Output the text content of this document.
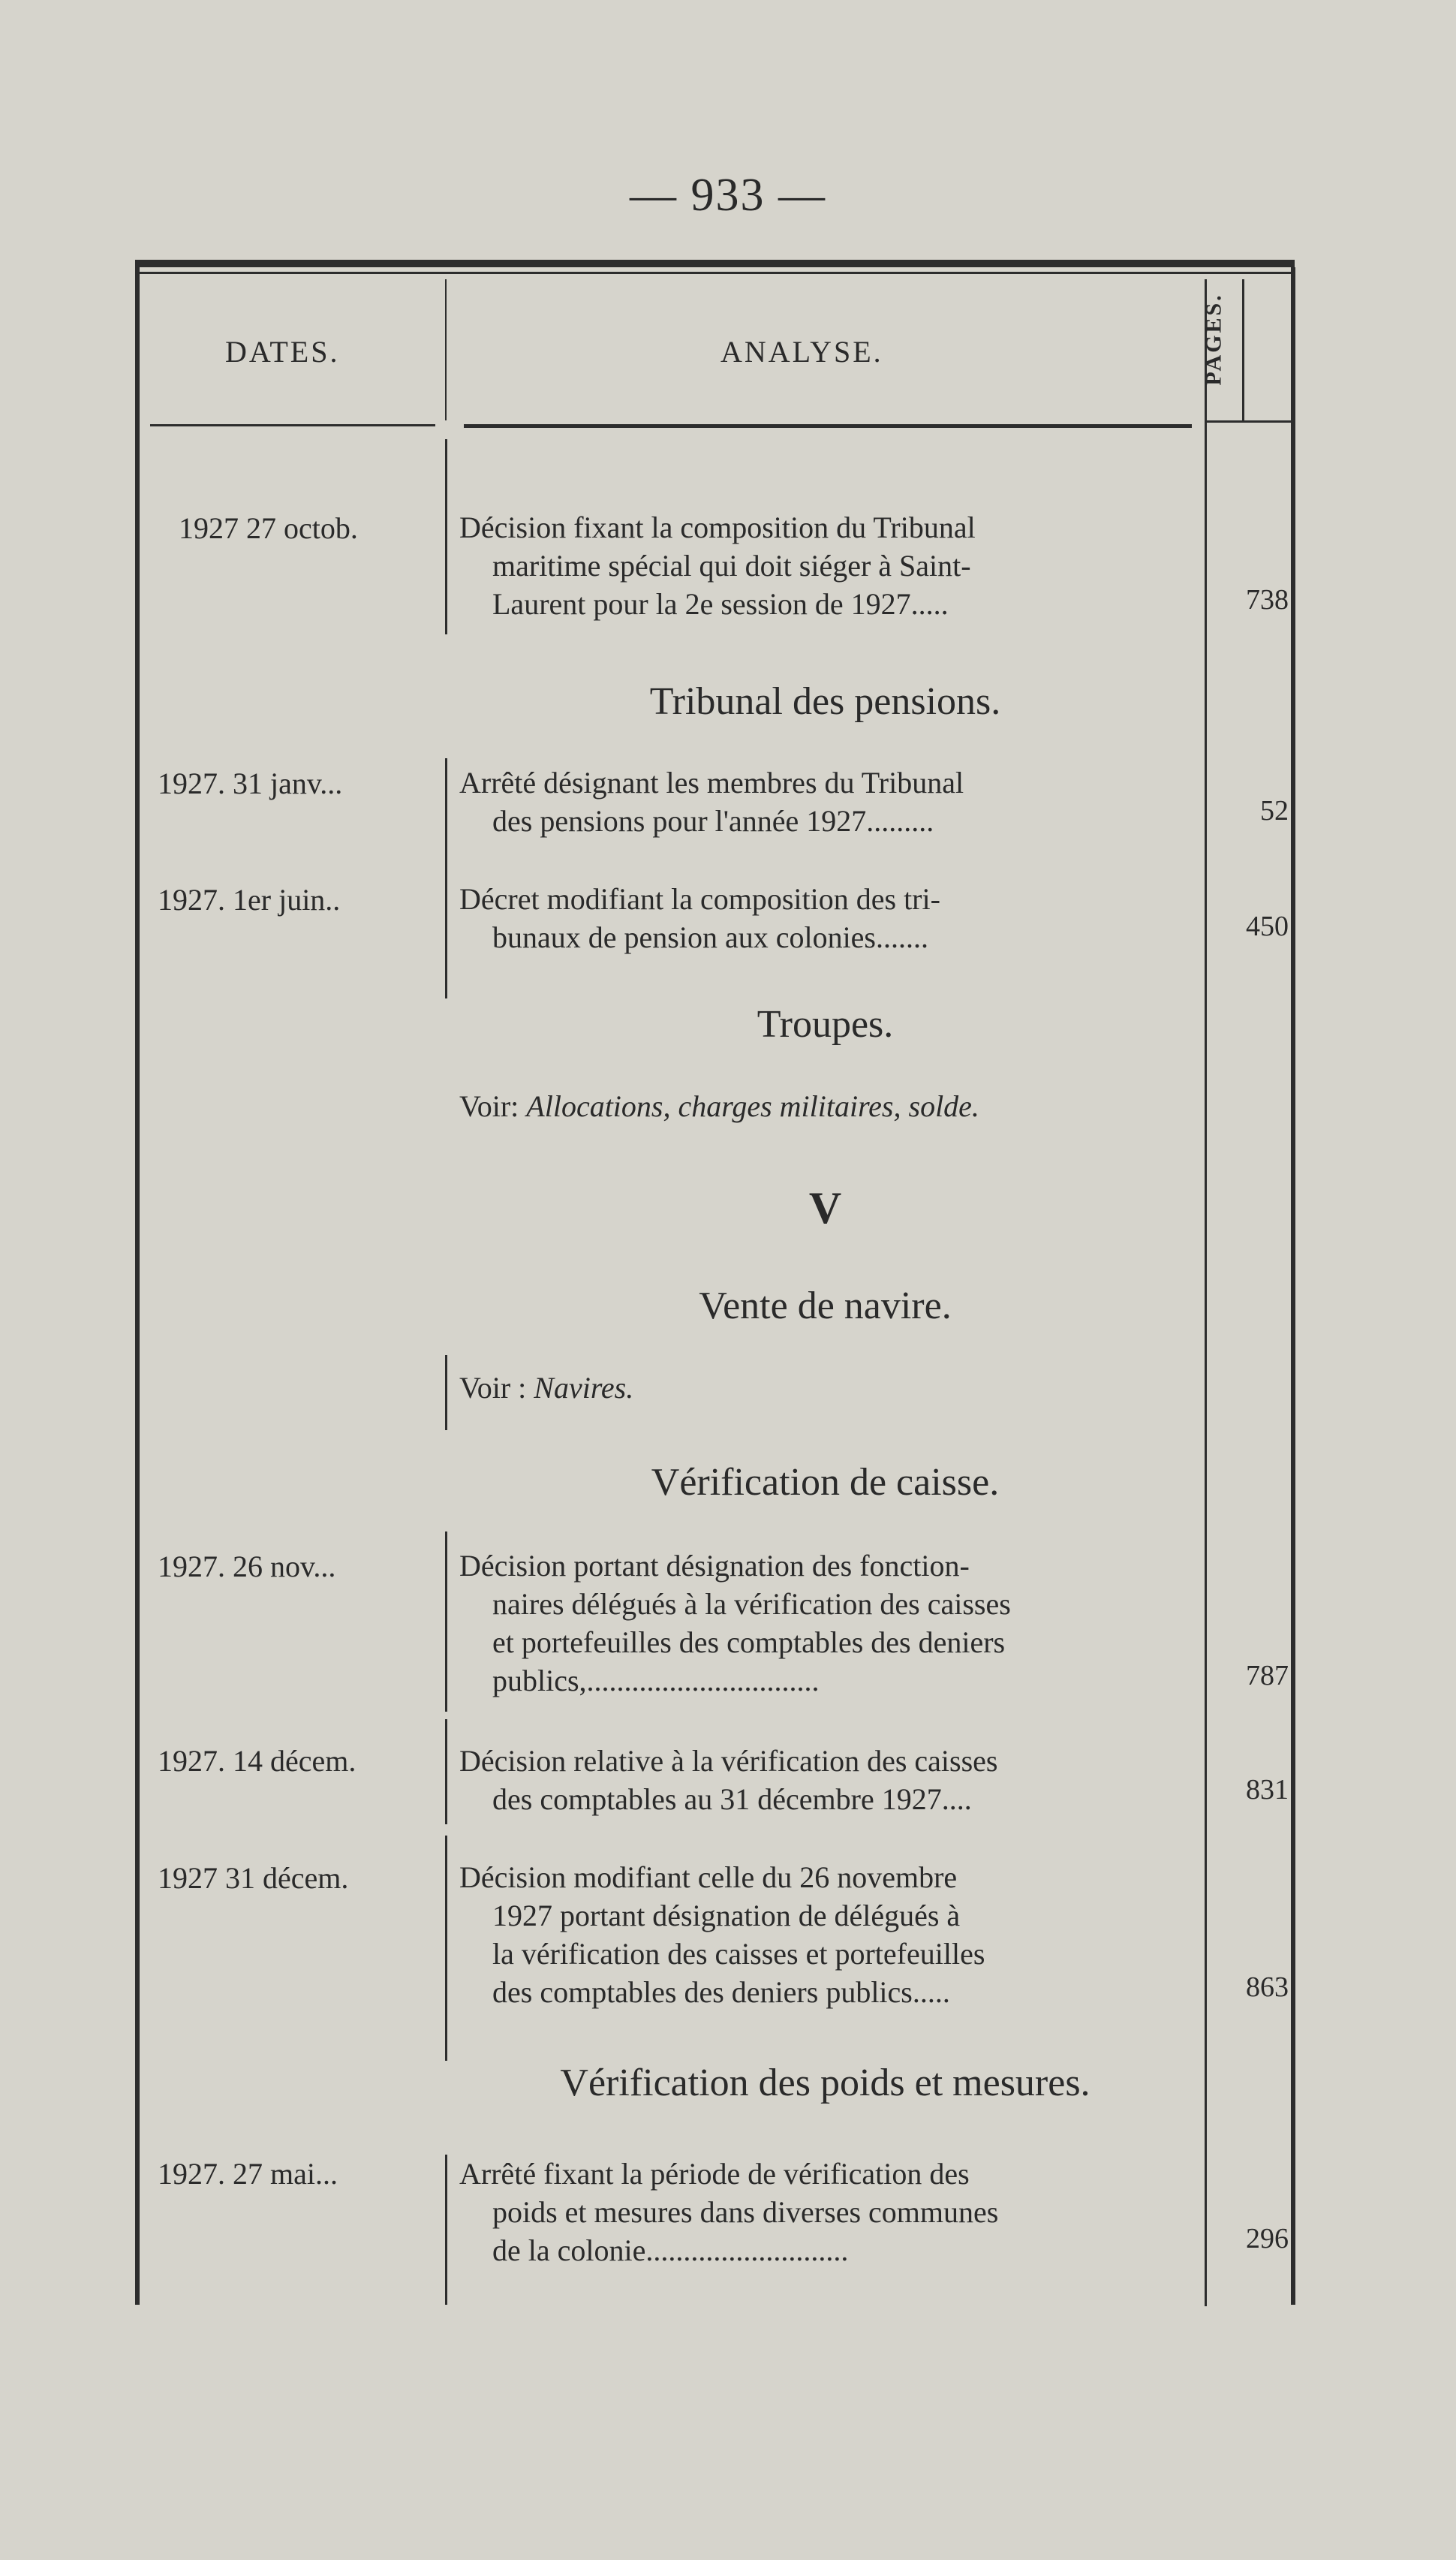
— 933 —
DATES.	ANALYSE.	PAGES.
1927 27 octob.	Décision fixant la composition du Tribunal
maritime spécial qui doit siéger à Saint-
Laurent pour la 2e session de 1927.....	738
Tribunal des pensions.
1927. 31 janv...	Arrêté désignant les membres du Tribunal
des pensions pour l'année 1927.........	52
1927. 1er juin..	Décret modifiant la composition des tri-
bunaux de pension aux colonies.......	450
Troupes.
Voir: Allocations, charges militaires, solde.
V
Vente de navire.
Voir : Navires.
Vérification de caisse.
1927. 26 nov...	Décision portant désignation des fonction-
naires délégués à la vérification des caisses
et portefeuilles des comptables des deniers
publics,...............................	787
1927. 14 décem.	Décision relative à la vérification des caisses
des comptables au 31 décembre 1927....	831
1927 31 décem.	Décision modifiant celle du 26 novembre
1927 portant désignation de délégués à
la vérification des caisses et portefeuilles
des comptables des deniers publics.....	863
Vérification des poids et mesures.
1927. 27 mai...	Arrêté fixant la période de vérification des
poids et mesures dans diverses communes
de la colonie...........................	296
